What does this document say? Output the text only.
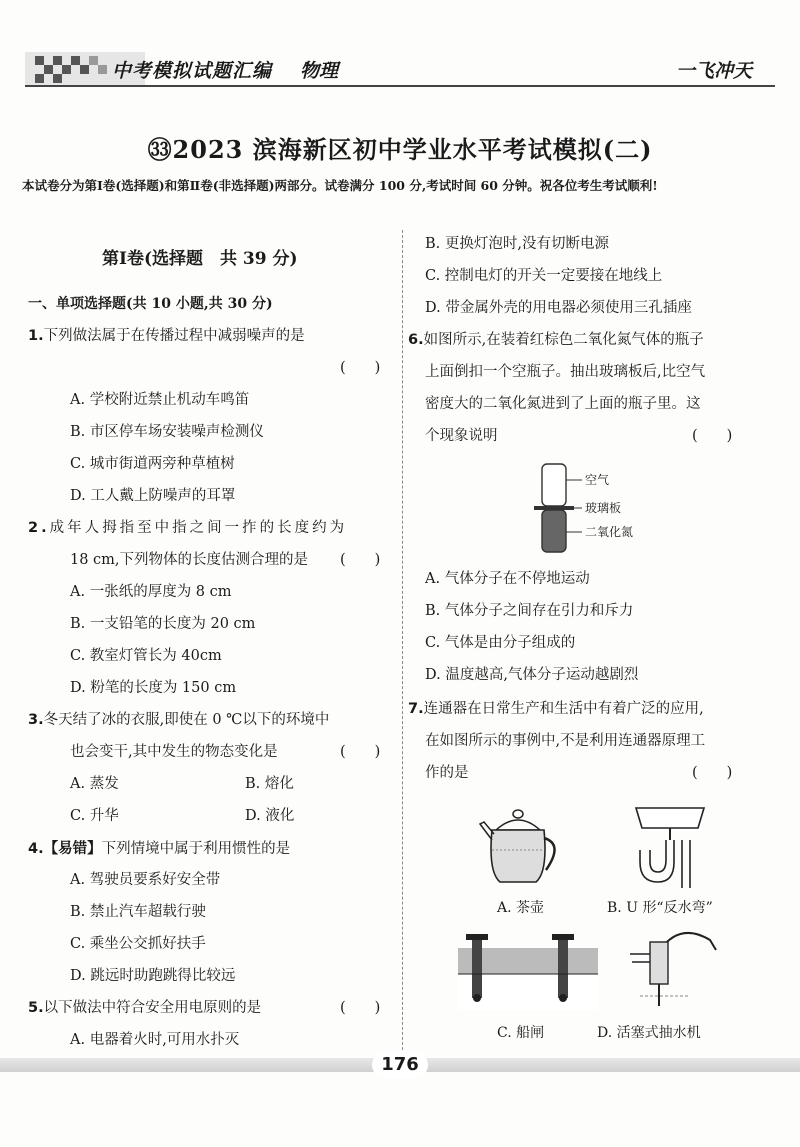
中考模拟试题汇编 物理	一飞冲天
㉝2023 滨海新区初中学业水平考试模拟(二)
本试卷分为第Ⅰ卷(选择题)和第Ⅱ卷(非选择题)两部分。试卷满分 100 分,考试时间 60 分钟。祝各位考生考试顺利!
第Ⅰ卷(选择题　共 39 分)
一、单项选择题(共 10 小题,共 30 分)
1.下列做法属于在传播过程中减弱噪声的是
(　　)
A. 学校附近禁止机动车鸣笛
B. 市区停车场安装噪声检测仪
C. 城市街道两旁种草植树
D. 工人戴上防噪声的耳罩
2.成年人拇指至中指之间一拃的长度约为
18 cm,下列物体的长度估测合理的是 (　　)
A. 一张纸的厚度为 8 cm
B. 一支铅笔的长度为 20 cm
C. 教室灯管长为 40cm
D. 粉笔的长度为 150 cm
3.冬天结了冰的衣服,即使在 0 ℃以下的环境中
也会变干,其中发生的物态变化是	(　　)
A. 蒸发	B. 熔化
C. 升华	D. 液化
4.【易错】下列情境中属于利用惯性的是
A. 驾驶员要系好安全带
B. 禁止汽车超载行驶
C. 乘坐公交抓好扶手
D. 跳远时助跑跳得比较远
5.以下做法中符合安全用电原则的是	(　　)
A. 电器着火时,可用水扑灭
B. 更换灯泡时,没有切断电源
C. 控制电灯的开关一定要接在地线上
D. 带金属外壳的用电器必须使用三孔插座
6.如图所示,在装着红棕色二氧化氮气体的瓶子
上面倒扣一个空瓶子。抽出玻璃板后,比空气
密度大的二氧化氮进到了上面的瓶子里。这
个现象说明	(　　)
空气
玻璃板
二氧化氮
A. 气体分子在不停地运动
B. 气体分子之间存在引力和斥力
C. 气体是由分子组成的
D. 温度越高,气体分子运动越剧烈
7.连通器在日常生产和生活中有着广泛的应用,
在如图所示的事例中,不是利用连通器原理工
作的是	(　　)
A. 茶壶	B. U 形“反水弯”
C. 船闸	D. 活塞式抽水机
176
